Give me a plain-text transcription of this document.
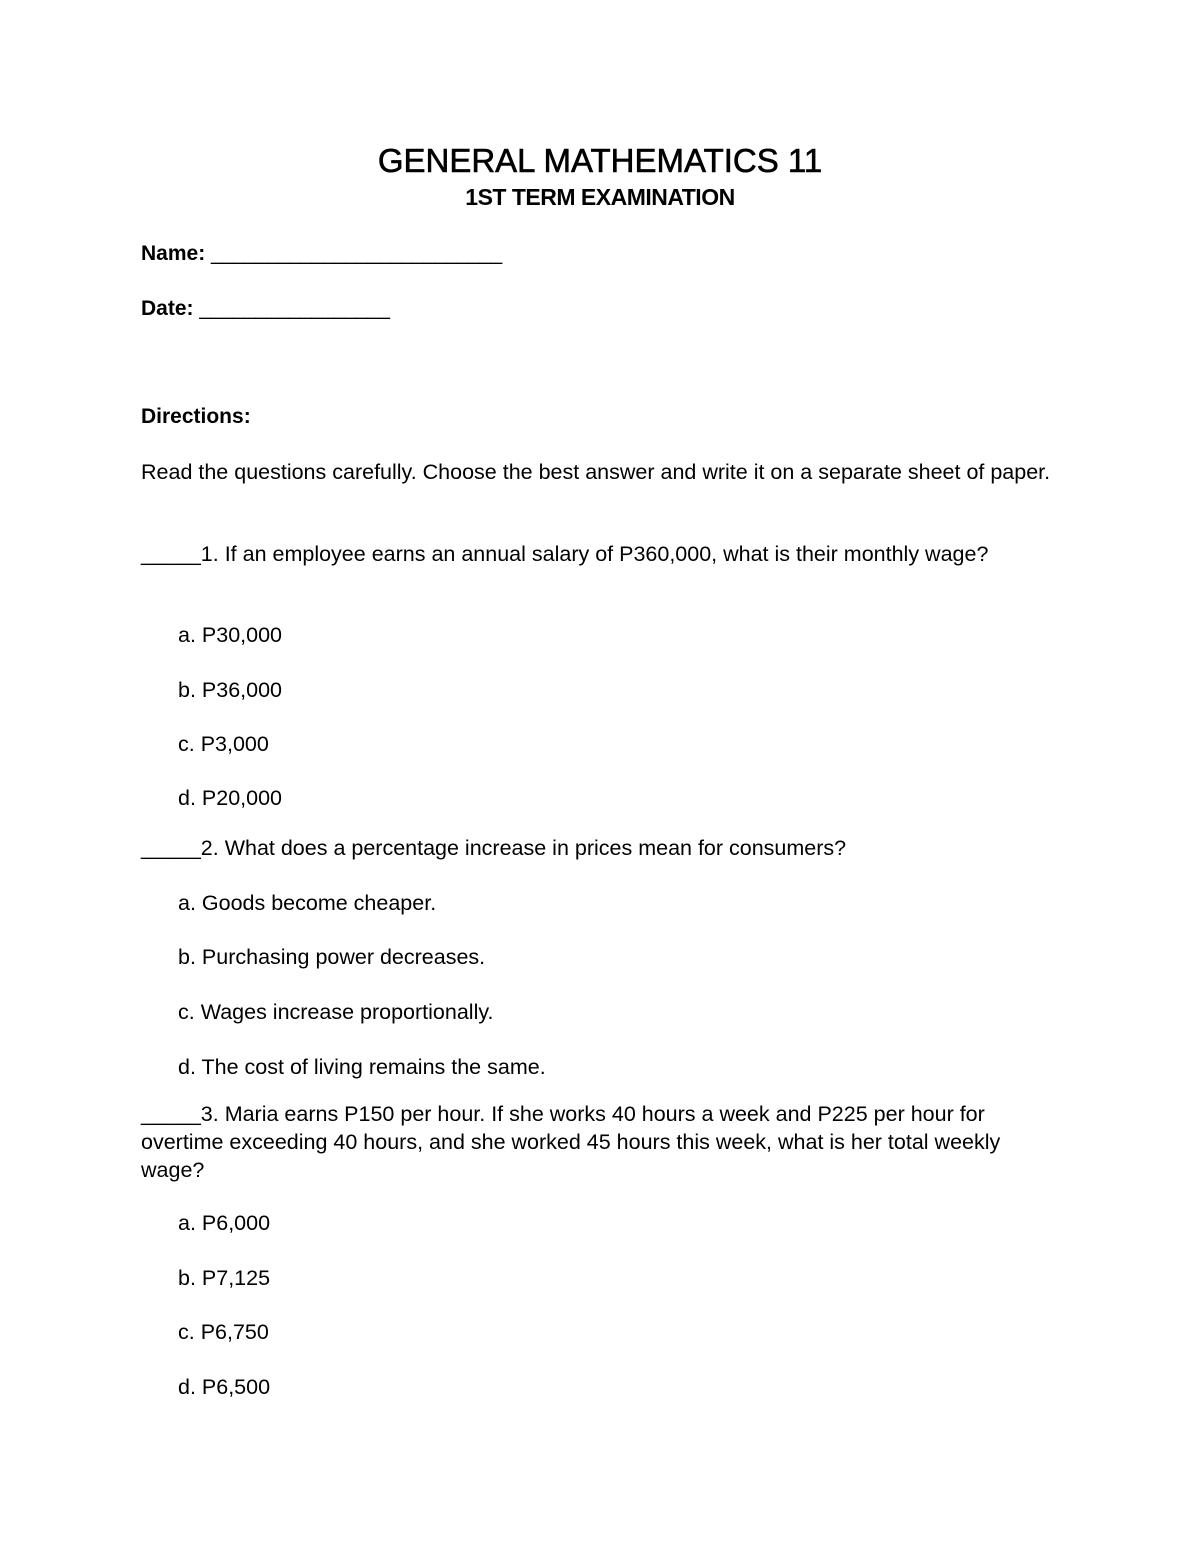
GENERAL MATHEMATICS 11
1ST TERM EXAMINATION
Name: __________________________
Date: _________________
Directions:

Read the questions carefully. Choose the best answer and write it on a separate sheet of paper.

_____1. If an employee earns an annual salary of P360,000, what is their monthly wage?

a. P30,000
b. P36,000
c. P3,000
d. P20,000

_____2. What does a percentage increase in prices mean for consumers?

a. Goods become cheaper.
b. Purchasing power decreases.
c. Wages increase proportionally.
d. The cost of living remains the same.

_____3. Maria earns P150 per hour. If she works 40 hours a week and P225 per hour for overtime exceeding 40 hours, and she worked 45 hours this week, what is her total weekly wage?

a. P6,000
b. P7,125
c. P6,750
d. P6,500
